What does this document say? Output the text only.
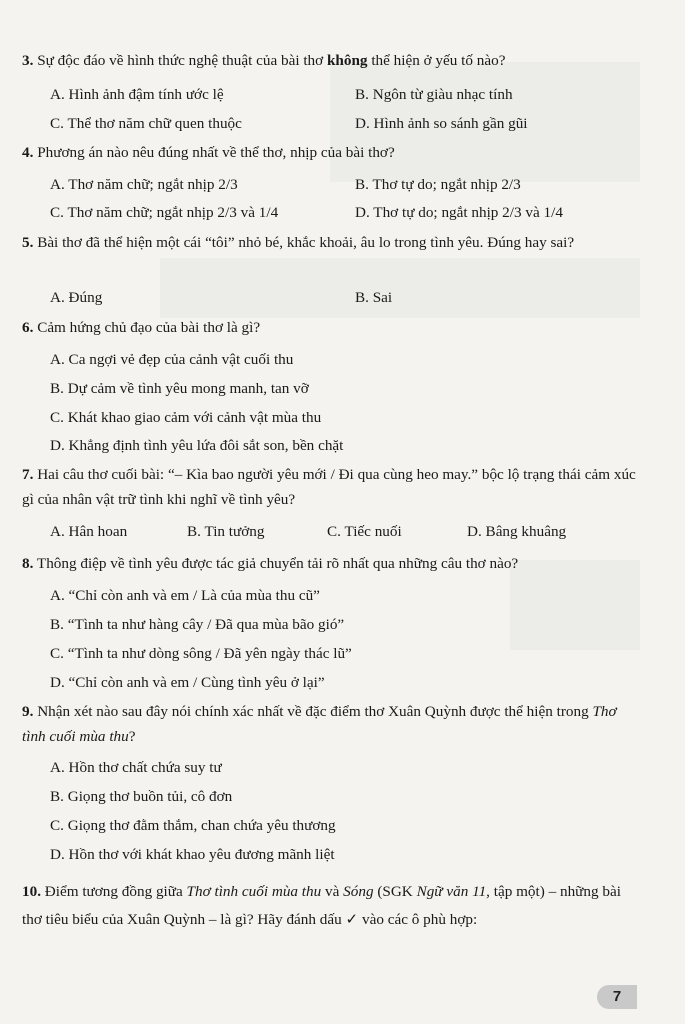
3. Sự độc đáo về hình thức nghệ thuật của bài thơ không thể hiện ở yếu tố nào?
A. Hình ảnh đậm tính ước lệ	B. Ngôn từ giàu nhạc tính
C. Thể thơ năm chữ quen thuộc	D. Hình ảnh so sánh gần gũi
4. Phương án nào nêu đúng nhất về thể thơ, nhịp của bài thơ?
A. Thơ năm chữ; ngắt nhịp 2/3	B. Thơ tự do; ngắt nhịp 2/3
C. Thơ năm chữ; ngắt nhịp 2/3 và 1/4	D. Thơ tự do; ngắt nhịp 2/3 và 1/4
5. Bài thơ đã thể hiện một cái “tôi” nhỏ bé, khắc khoải, âu lo trong tình yêu. Đúng hay sai?
A. Đúng	B. Sai
6. Cảm hứng chủ đạo của bài thơ là gì?
A. Ca ngợi vẻ đẹp của cảnh vật cuối thu
B. Dự cảm về tình yêu mong manh, tan vỡ
C. Khát khao giao cảm với cảnh vật mùa thu
D. Khẳng định tình yêu lứa đôi sắt son, bền chặt
7. Hai câu thơ cuối bài: “– Kìa bao người yêu mới / Đi qua cùng heo may.” bộc lộ trạng thái cảm xúc gì của nhân vật trữ tình khi nghĩ về tình yêu?
A. Hân hoan	B. Tin tưởng	C. Tiếc nuối	D. Bâng khuâng
8. Thông điệp về tình yêu được tác giả chuyển tải rõ nhất qua những câu thơ nào?
A. “Chỉ còn anh và em / Là của mùa thu cũ”
B. “Tình ta như hàng cây / Đã qua mùa bão gió”
C. “Tình ta như dòng sông / Đã yên ngày thác lũ”
D. “Chỉ còn anh và em / Cùng tình yêu ở lại”
9. Nhận xét nào sau đây nói chính xác nhất về đặc điểm thơ Xuân Quỳnh được thể hiện trong Thơ tình cuối mùa thu?
A. Hồn thơ chất chứa suy tư
B. Giọng thơ buồn tủi, cô đơn
C. Giọng thơ đằm thắm, chan chứa yêu thương
D. Hồn thơ với khát khao yêu đương mãnh liệt
10. Điểm tương đồng giữa Thơ tình cuối mùa thu và Sóng (SGK Ngữ văn 11, tập một) – những bài thơ tiêu biểu của Xuân Quỳnh – là gì? Hãy đánh dấu ✓ vào các ô phù hợp:
7
